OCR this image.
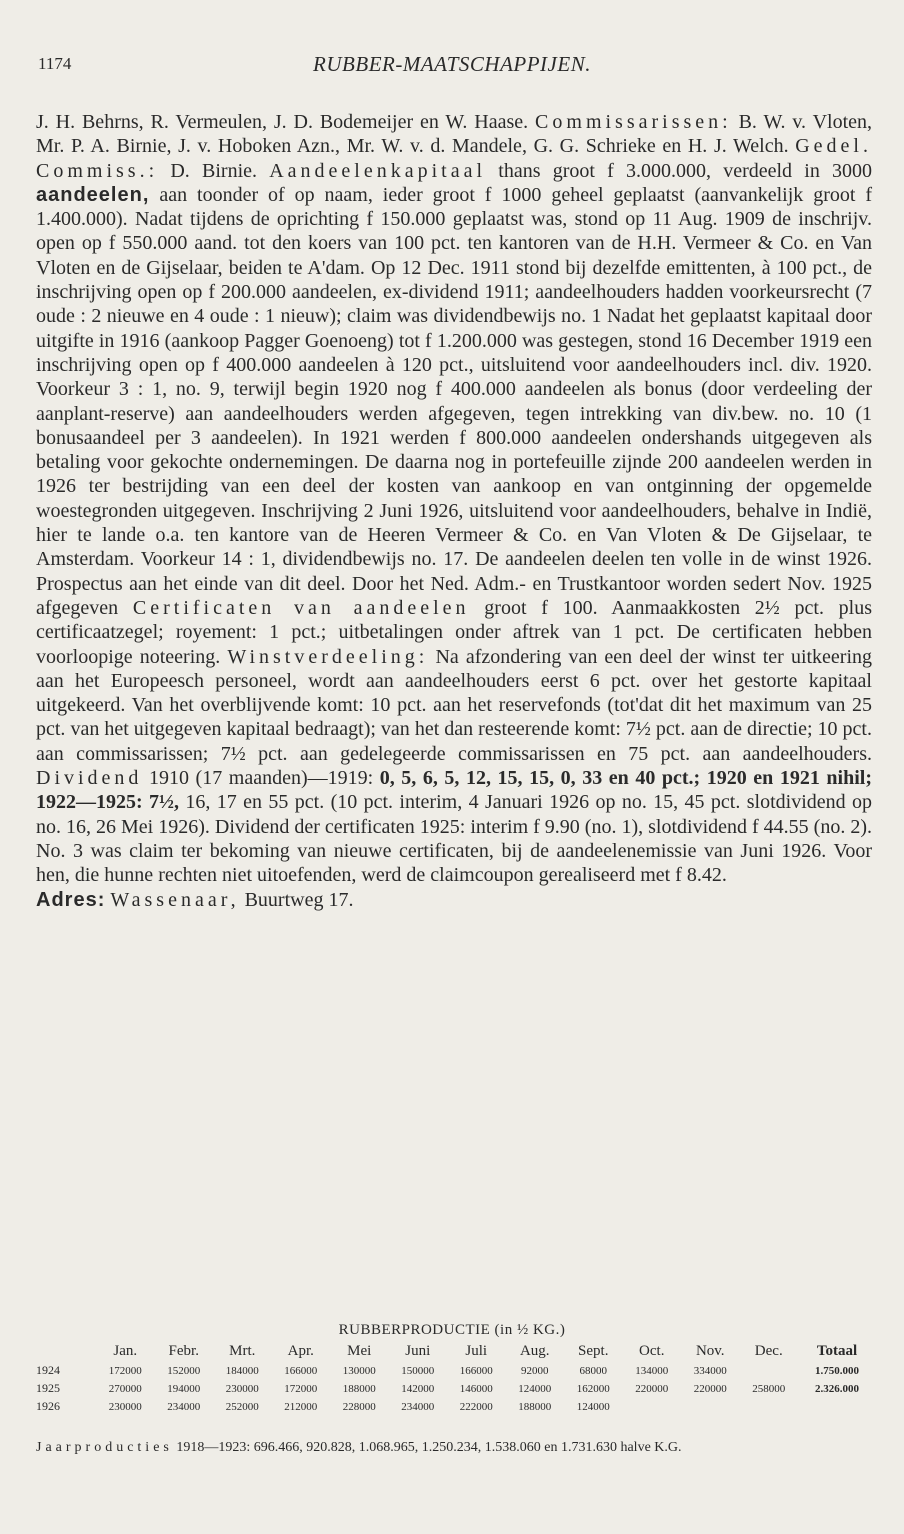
1174	RUBBER-MAATSCHAPPIJEN.
J. H. Behrns, R. Vermeulen, J. D. Bodemeijer en W. Haase. Commissarissen: B. W. v. Vloten, Mr. P. A. Birnie, J. v. Hoboken Azn., Mr. W. v. d. Mandele, G. G. Schrieke en H. J. Welch. Gedel. Commiss.: D. Birnie. Aandeelenkapitaal thans groot f 3.000.000, verdeeld in 3000 aandeelen, aan toonder of op naam, ieder groot f 1000 geheel geplaatst (aanvankelijk groot f 1.400.000). Nadat tijdens de oprichting f 150.000 geplaatst was, stond op 11 Aug. 1909 de inschrijv. open op f 550.000 aand. tot den koers van 100 pct. ten kantoren van de H.H. Vermeer & Co. en Van Vloten en de Gijselaar, beiden te A'dam. Op 12 Dec. 1911 stond bij dezelfde emittenten, à 100 pct., de inschrijving open op f 200.000 aandeelen, ex-dividend 1911; aandeelhouders hadden voorkeursrecht (7 oude : 2 nieuwe en 4 oude : 1 nieuw); claim was dividendbewijs no. 1 Nadat het geplaatst kapitaal door uitgifte in 1916 (aankoop Pagger Goenoeng) tot f 1.200.000 was gestegen, stond 16 December 1919 een inschrijving open op f 400.000 aandeelen à 120 pct., uitsluitend voor aandeelhouders incl. div. 1920. Voorkeur 3 : 1, no. 9, terwijl begin 1920 nog f 400.000 aandeelen als bonus (door verdeeling der aanplant-reserve) aan aandeelhouders werden afgegeven, tegen intrekking van div.bew. no. 10 (1 bonusaandeel per 3 aandeelen). In 1921 werden f 800.000 aandeelen ondershands uitgegeven als betaling voor gekochte ondernemingen. De daarna nog in portefeuille zijnde 200 aandeelen werden in 1926 ter bestrijding van een deel der kosten van aankoop en van ontginning der opgemelde woestegronden uitgegeven. Inschrijving 2 Juni 1926, uitsluitend voor aandeelhouders, behalve in Indië, hier te lande o.a. ten kantore van de Heeren Vermeer & Co. en Van Vloten & De Gijselaar, te Amsterdam. Voorkeur 14 : 1, dividendbewijs no. 17. De aandeelen deelen ten volle in de winst 1926. Prospectus aan het einde van dit deel. Door het Ned. Adm.- en Trustkantoor worden sedert Nov. 1925 afgegeven Certificaten van aandeelen groot f 100. Aanmaakkosten 2½ pct. plus certificaatzegel; royement: 1 pct.; uitbetalingen onder aftrek van 1 pct. De certificaten hebben voorloopige noteering. Winstverdeeling: Na afzondering van een deel der winst ter uitkeering aan het Europeesch personeel, wordt aan aandeelhouders eerst 6 pct. over het gestorte kapitaal uitgekeerd. Van het overblijvende komt: 10 pct. aan het reservefonds (tot'dat dit het maximum van 25 pct. van het uitgegeven kapitaal bedraagt); van het dan resteerende komt: 7½ pct. aan de directie; 10 pct. aan commissarissen; 7½ pct. aan gedelegeerde commissarissen en 75 pct. aan aandeelhouders. Dividend 1910 (17 maanden)—1919: 0, 5, 6, 5, 12, 15, 15, 0, 33 en 40 pct.; 1920 en 1921 nihil; 1922—1925: 7½, 16, 17 en 55 pct. (10 pct. interim, 4 Januari 1926 op no. 15, 45 pct. slotdividend op no. 16, 26 Mei 1926). Dividend der certificaten 1925: interim f 9.90 (no. 1), slotdividend f 44.55 (no. 2). No. 3 was claim ter bekoming van nieuwe certificaten, bij de aandeelenemissie van Juni 1926. Voor hen, die hunne rechten niet uitoefenden, werd de claimcoupon gerealiseerd met f 8.42.
Adres: Wassenaar, Buurtweg 17.
RUBBERPRODUCTIE (in ½ KG.)
	Jan.	Febr.	Mrt.	Apr.	Mei	Juni	Juli	Aug.	Sept.	Oct.	Nov.	Dec.	Totaal
1924	172000	152000	184000	166000	130000	150000	166000	92000	68000	134000	334000		1.750.000
1925	270000	194000	230000	172000	188000	142000	146000	124000	162000	220000	220000	258000	2.326.000
1926	230000	234000	252000	212000	228000	234000	222000	188000	124000				
Jaarproducties 1918—1923: 696.466, 920.828, 1.068.965, 1.250.234, 1.538.060 en 1.731.630 halve K.G.
